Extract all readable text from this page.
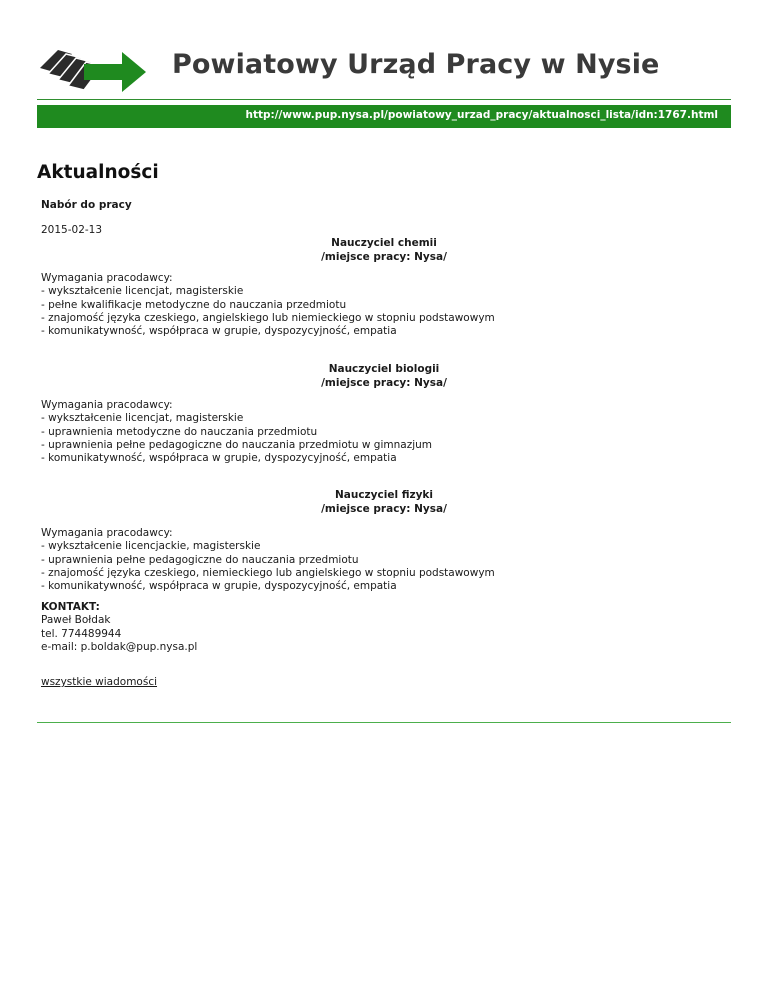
Powiatowy Urząd Pracy w Nysie
http://www.pup.nysa.pl/powiatowy_urzad_pracy/aktualnosci_lista/idn:1767.html
Aktualności
Nabór do pracy
2015-02-13
Nauczyciel chemii
/miejsce pracy: Nysa/
Wymagania pracodawcy:
- wykształcenie licencjat, magisterskie
- pełne kwalifikacje metodyczne do nauczania przedmiotu
- znajomość języka czeskiego, angielskiego lub niemieckiego w stopniu podstawowym
- komunikatywność, współpraca w grupie, dyspozycyjność, empatia
Nauczyciel biologii
/miejsce pracy: Nysa/
Wymagania pracodawcy:
- wykształcenie licencjat, magisterskie
- uprawnienia metodyczne do nauczania przedmiotu
- uprawnienia pełne pedagogiczne do nauczania przedmiotu w gimnazjum
- komunikatywność, współpraca w grupie, dyspozycyjność, empatia
Nauczyciel fizyki
/miejsce pracy: Nysa/
Wymagania pracodawcy:
- wykształcenie licencjackie, magisterskie
- uprawnienia pełne pedagogiczne do nauczania przedmiotu
- znajomość języka czeskiego, niemieckiego lub angielskiego w stopniu podstawowym
- komunikatywność, współpraca w grupie, dyspozycyjność, empatia
KONTAKT:
Paweł Bołdak
tel. 774489944
e-mail: p.boldak@pup.nysa.pl
wszystkie wiadomości
